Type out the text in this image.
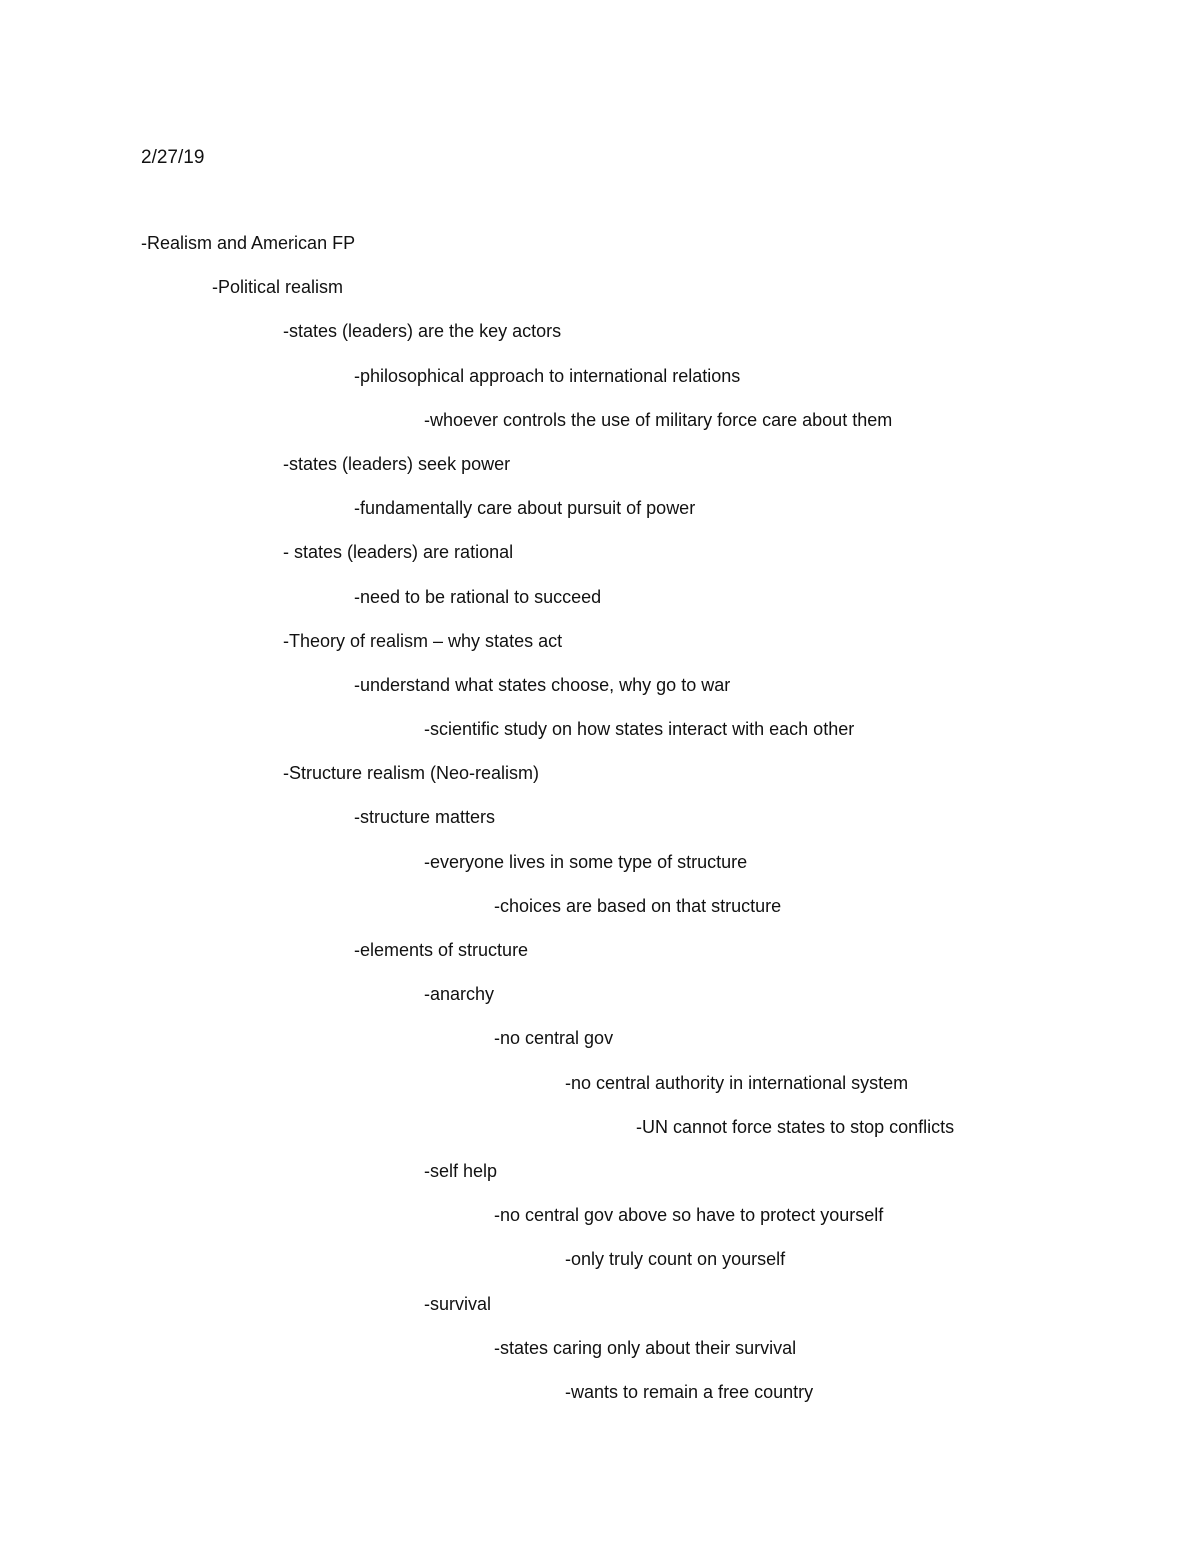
2/27/19
-Realism and American FP
-Political realism
-states (leaders) are the key actors
-philosophical approach to international relations
-whoever controls the use of military force care about them
-states (leaders) seek power
-fundamentally care about pursuit of power
- states (leaders) are rational
-need to be rational to succeed
-Theory of realism – why states act
-understand what states choose, why go to war
-scientific study on how states interact with each other
-Structure realism (Neo-realism)
-structure matters
-everyone lives in some type of structure
-choices are based on that structure
-elements of structure
-anarchy
-no central gov
-no central authority in international system
-UN cannot force states to stop conflicts
-self help
-no central gov above so have to protect yourself
-only truly count on yourself
-survival
-states caring only about their survival
-wants to remain a free country
